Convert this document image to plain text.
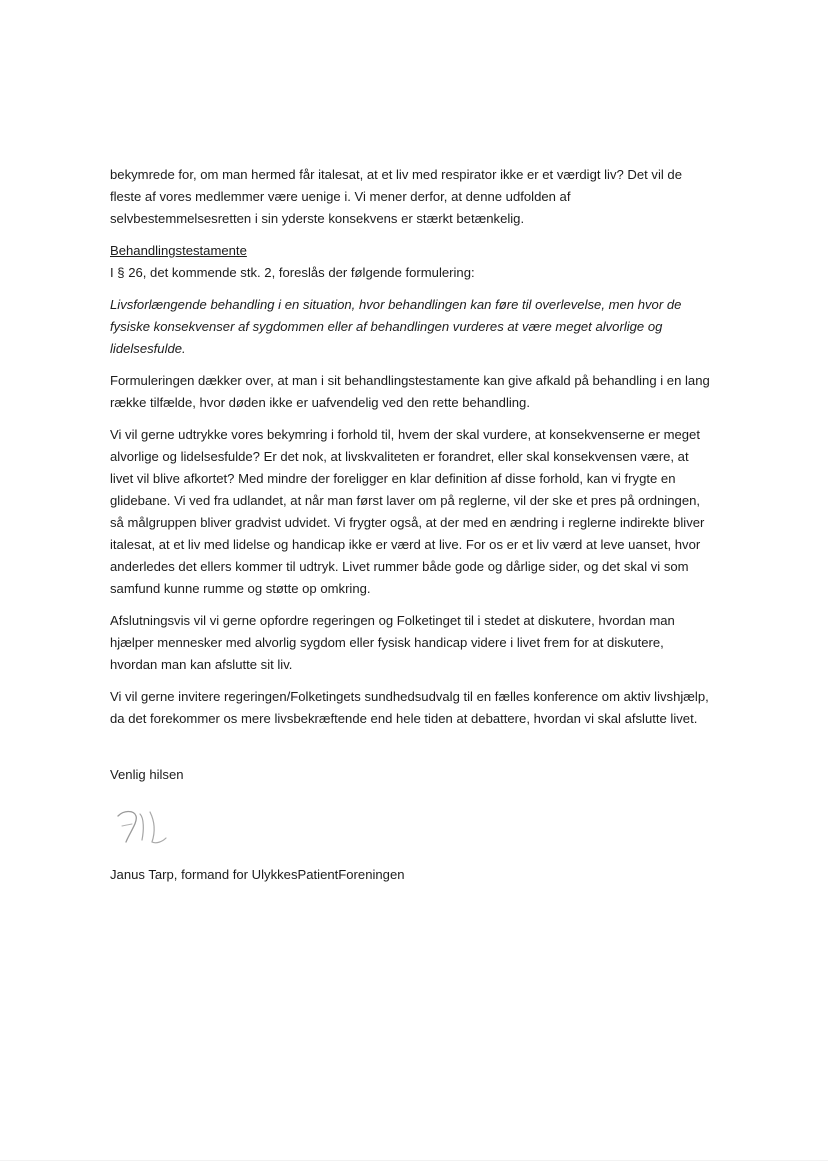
bekymrede for, om man hermed får italesat, at et liv med respirator ikke er et værdigt liv? Det vil de fleste af vores medlemmer være uenige i. Vi mener derfor, at denne udfolden af selvbestemmelsesretten i sin yderste konsekvens er stærkt betænkelig.

Behandlingstestamente

I § 26, det kommende stk. 2, foreslås der følgende formulering:

Livsforlængende behandling i en situation, hvor behandlingen kan føre til overlevelse, men hvor de fysiske konsekvenser af sygdommen eller af behandlingen vurderes at være meget alvorlige og lidelsesfulde.

Formuleringen dækker over, at man i sit behandlingstestamente kan give afkald på behandling i en lang række tilfælde, hvor døden ikke er uafvendelig ved den rette behandling.

Vi vil gerne udtrykke vores bekymring i forhold til, hvem der skal vurdere, at konsekvenserne er meget alvorlige og lidelsesfulde? Er det nok, at livskvaliteten er forandret, eller skal konsekvensen være, at livet vil blive afkortet? Med mindre der foreligger en klar definition af disse forhold, kan vi frygte en glidebane. Vi ved fra udlandet, at når man først laver om på reglerne, vil der ske et pres på ordningen, så målgruppen bliver gradvist udvidet. Vi frygter også, at der med en ændring i reglerne indirekte bliver italesat, at et liv med lidelse og handicap ikke er værd at live. For os er et liv værd at leve uanset, hvor anderledes det ellers kommer til udtryk. Livet rummer både gode og dårlige sider, og det skal vi som samfund kunne rumme og støtte op omkring.

Afslutningsvis vil vi gerne opfordre regeringen og Folketinget til i stedet at diskutere, hvordan man hjælper mennesker med alvorlig sygdom eller fysisk handicap videre i livet frem for at diskutere, hvordan man kan afslutte sit liv.

Vi vil gerne invitere regeringen/Folketingets sundhedsudvalg til en fælles konference om aktiv livshjælp, da det forekommer os mere livsbekræftende end hele tiden at debattere, hvordan vi skal afslutte livet.

Venlig hilsen

Janus Tarp, formand for UlykkesPatientForeningen
